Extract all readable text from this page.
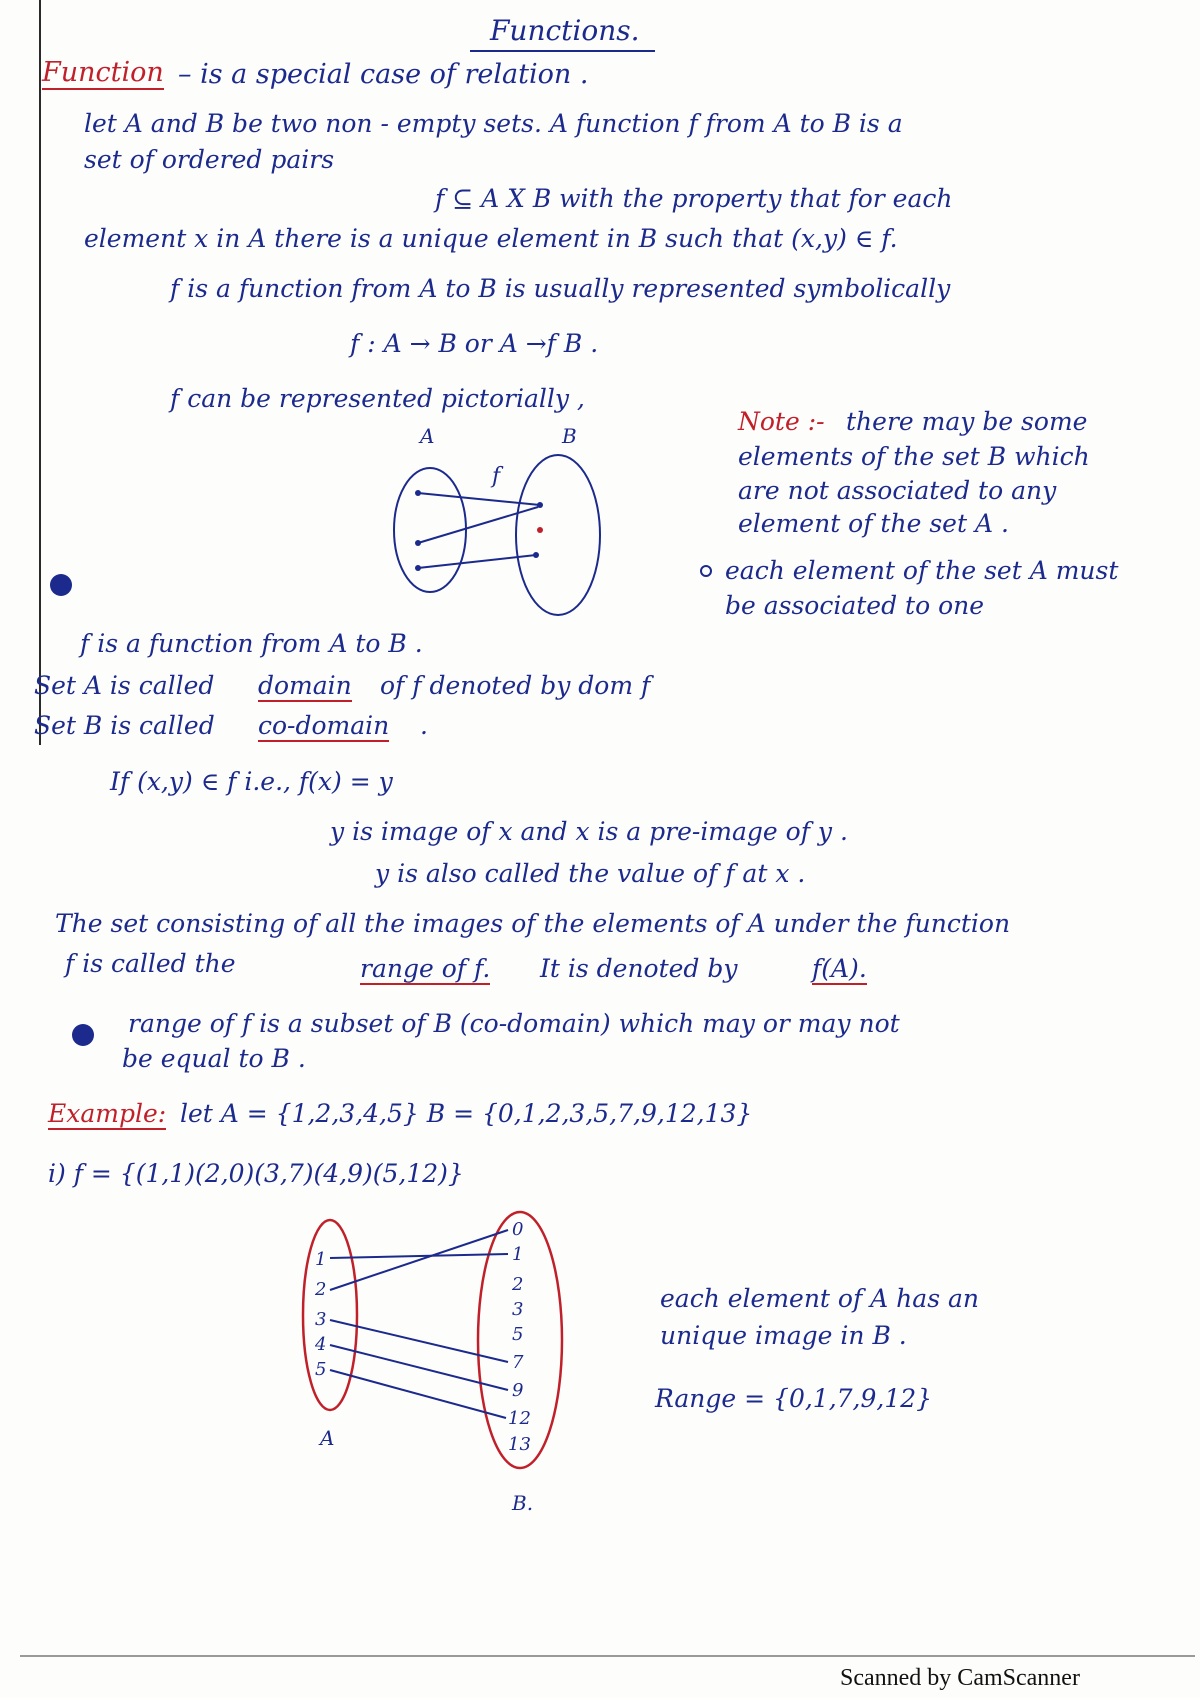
Functions.
Function – is a special case of relation .
let A and B be two non - empty sets. A function f from A to B is a
set of ordered pairs
f ⊆ A X B with the property that for each
element x in A there is a unique element in B such that (x,y) ∈ f.
f is a function from A to B is usually represented symbolically
f : A → B or A →f B .
f can be represented pictorially ,
A	B
f
Note :- there may be some
elements of the set B which
are not associated to any
element of the set A .
each element of the set A must
be associated to one
f is a function from A to B .
Set A is called domain of f denoted by dom f
Set B is called co-domain .
If (x,y) ∈ f i.e., f(x) = y
y is image of x and x is a pre-image of y .
y is also called the value of f at x .
The set consisting of all the images of the elements of A under the function
f is called the	range of f. It is denoted by	f(A).
range of f is a subset of B (co-domain) which may or may not
be equal to B .
Example: let A = {1,2,3,4,5} B = {0,1,2,3,5,7,9,12,13}
i) f = {(1,1)(2,0)(3,7)(4,9)(5,12)}
1
2
3
4
5
0
1
2
3
5
7
9
12
13
A
B.
each element of A has an
unique image in B .
Range = {0,1,7,9,12}
Scanned by CamScanner
